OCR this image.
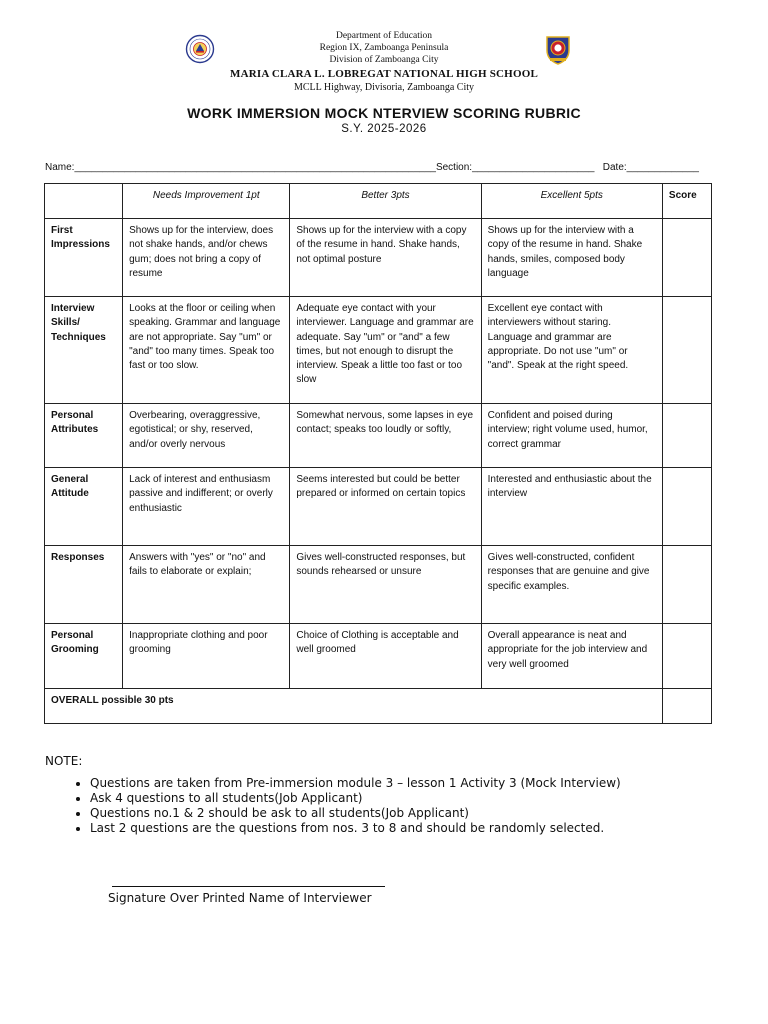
Department of Education
Region IX, Zamboanga Peninsula
Division of Zamboanga City
MARIA CLARA L. LOBREGAT NATIONAL HIGH SCHOOL
MCLL Highway, Divisoria, Zamboanga City
WORK IMMERSION MOCK NTERVIEW SCORING RUBRIC
S.Y. 2025-2026
Name:_________________________________________________________________Section:______________________   Date:_____________
	Needs Improvement 1pt	Better 3pts	Excellent 5pts	Score
First Impressions	Shows up for the interview, does not shake hands, and/or chews gum; does not bring a copy of resume	Shows up for the interview with a copy of the resume in hand. Shake hands, not optimal posture	Shows up for the interview with a copy of the resume in hand. Shake hands, smiles, composed body language	
Interview Skills/ Techniques	Looks at the floor or ceiling when speaking. Grammar and language are not appropriate. Say "um" or "and" too many times. Speak too fast or too slow.	Adequate eye contact with your interviewer. Language and grammar are adequate. Say "um" or "and" a few times, but not enough to disrupt the interview. Speak a little too fast or too slow	Excellent eye contact with interviewers without staring. Language and grammar are appropriate. Do not use "um" or "and". Speak at the right speed.	
Personal Attributes	Overbearing, overaggressive, egotistical; or shy, reserved, and/or overly nervous	Somewhat nervous, some lapses in eye contact; speaks too loudly or softly,	Confident and poised during interview; right volume used, humor, correct grammar	
General Attitude	Lack of interest and enthusiasm passive and indifferent; or overly enthusiastic	Seems interested but could be better prepared or informed on certain topics	Interested and enthusiastic about the interview	
Responses	Answers with "yes" or "no" and fails to elaborate or explain;	Gives well-constructed responses, but sounds rehearsed or unsure	Gives well-constructed, confident responses that are genuine and give specific examples.	
Personal Grooming	Inappropriate clothing and poor grooming	Choice of Clothing is acceptable and well groomed	Overall appearance is neat and appropriate for the job interview and very well groomed	
OVERALL possible 30 pts				
NOTE:
• Questions are taken from Pre-immersion module 3 – lesson 1 Activity 3 (Mock Interview)
• Ask 4 questions to all students(Job Applicant)
• Questions no.1 & 2 should be ask to all students(Job Applicant)
• Last 2 questions are the questions from nos. 3 to 8 and should be randomly selected.
Signature Over Printed Name of Interviewer
